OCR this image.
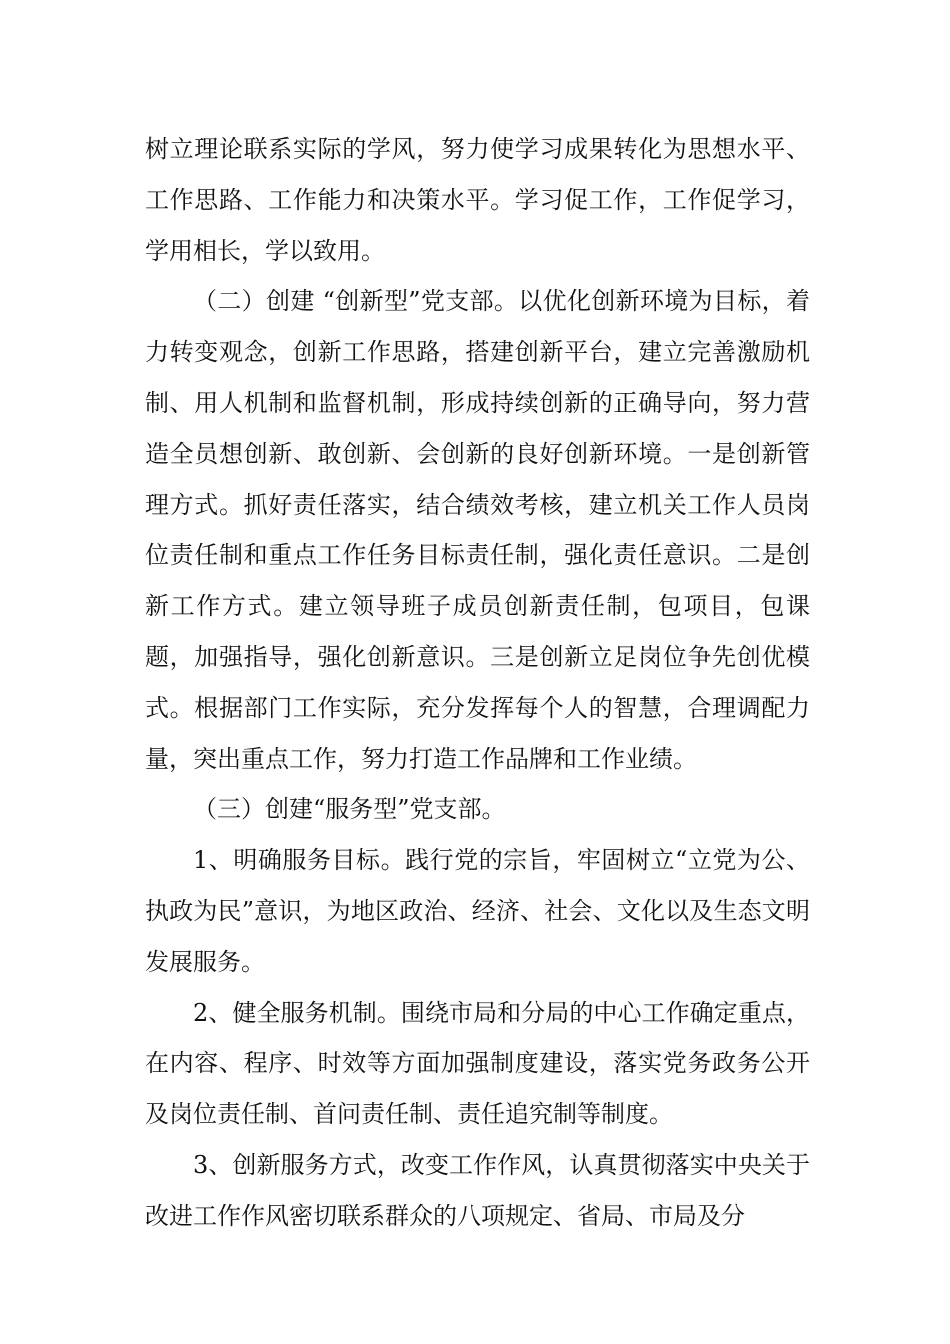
树立理论联系实际的学风，努力使学习成果转化为思想水平、工作思路、工作能力和决策水平。学习促工作，工作促学习，学用相长，学以致用。

（二）创建 “创新型”党支部。以优化创新环境为目标，着力转变观念，创新工作思路，搭建创新平台，建立完善激励机制、用人机制和监督机制，形成持续创新的正确导向，努力营造全员想创新、敢创新、会创新的良好创新环境。一是创新管理方式。抓好责任落实，结合绩效考核，建立机关工作人员岗位责任制和重点工作任务目标责任制，强化责任意识。二是创新工作方式。建立领导班子成员创新责任制，包项目，包课题，加强指导，强化创新意识。三是创新立足岗位争先创优模式。根据部门工作实际，充分发挥每个人的智慧，合理调配力量，突出重点工作，努力打造工作品牌和工作业绩。

（三）创建“服务型”党支部。

1、明确服务目标。践行党的宗旨，牢固树立“立党为公、执政为民”意识，为地区政治、经济、社会、文化以及生态文明发展服务。

2、健全服务机制。围绕市局和分局的中心工作确定重点，在内容、程序、时效等方面加强制度建设，落实党务政务公开及岗位责任制、首问责任制、责任追究制等制度。

3、创新服务方式，改变工作作风，认真贯彻落实中央关于改进工作作风密切联系群众的八项规定、省局、市局及分
